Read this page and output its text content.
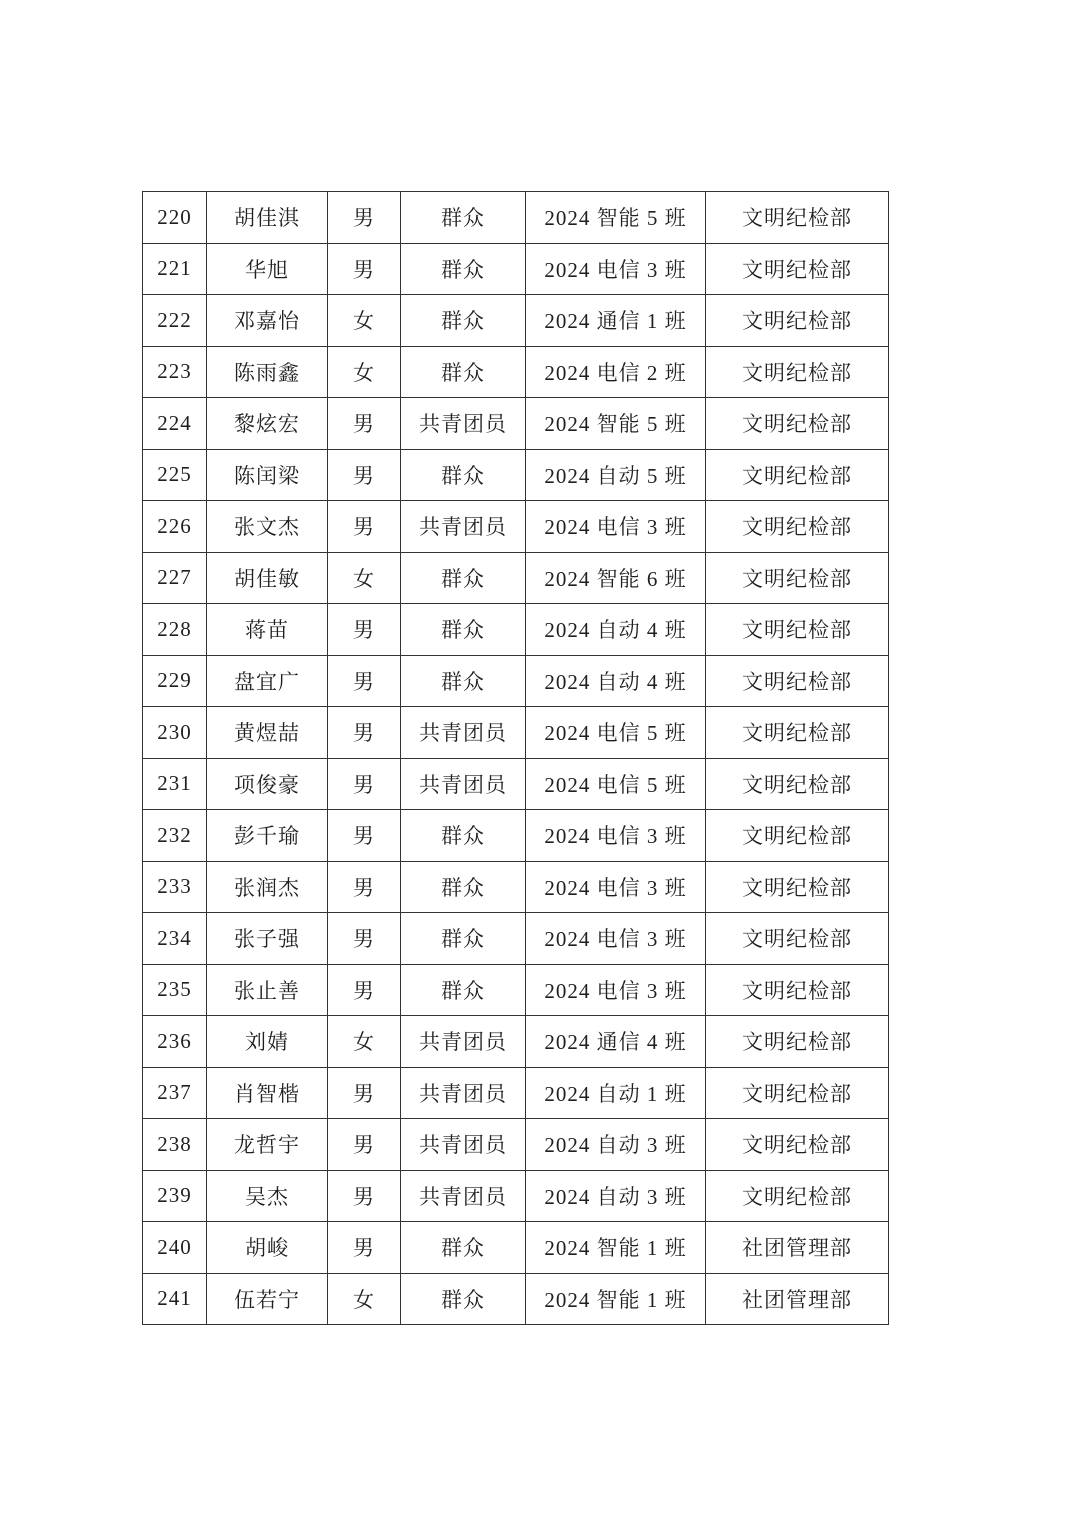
220	胡佳淇	男	群众	2024 智能 5 班	文明纪检部
221	华旭	男	群众	2024 电信 3 班	文明纪检部
222	邓嘉怡	女	群众	2024 通信 1 班	文明纪检部
223	陈雨鑫	女	群众	2024 电信 2 班	文明纪检部
224	黎炫宏	男	共青团员	2024 智能 5 班	文明纪检部
225	陈闰梁	男	群众	2024 自动 5 班	文明纪检部
226	张文杰	男	共青团员	2024 电信 3 班	文明纪检部
227	胡佳敏	女	群众	2024 智能 6 班	文明纪检部
228	蒋苗	男	群众	2024 自动 4 班	文明纪检部
229	盘宜广	男	群众	2024 自动 4 班	文明纪检部
230	黄煜喆	男	共青团员	2024 电信 5 班	文明纪检部
231	项俊豪	男	共青团员	2024 电信 5 班	文明纪检部
232	彭千瑜	男	群众	2024 电信 3 班	文明纪检部
233	张润杰	男	群众	2024 电信 3 班	文明纪检部
234	张子强	男	群众	2024 电信 3 班	文明纪检部
235	张止善	男	群众	2024 电信 3 班	文明纪检部
236	刘婧	女	共青团员	2024 通信 4 班	文明纪检部
237	肖智楷	男	共青团员	2024 自动 1 班	文明纪检部
238	龙哲宇	男	共青团员	2024 自动 3 班	文明纪检部
239	吴杰	男	共青团员	2024 自动 3 班	文明纪检部
240	胡峻	男	群众	2024 智能 1 班	社团管理部
241	伍若宁	女	群众	2024 智能 1 班	社团管理部
